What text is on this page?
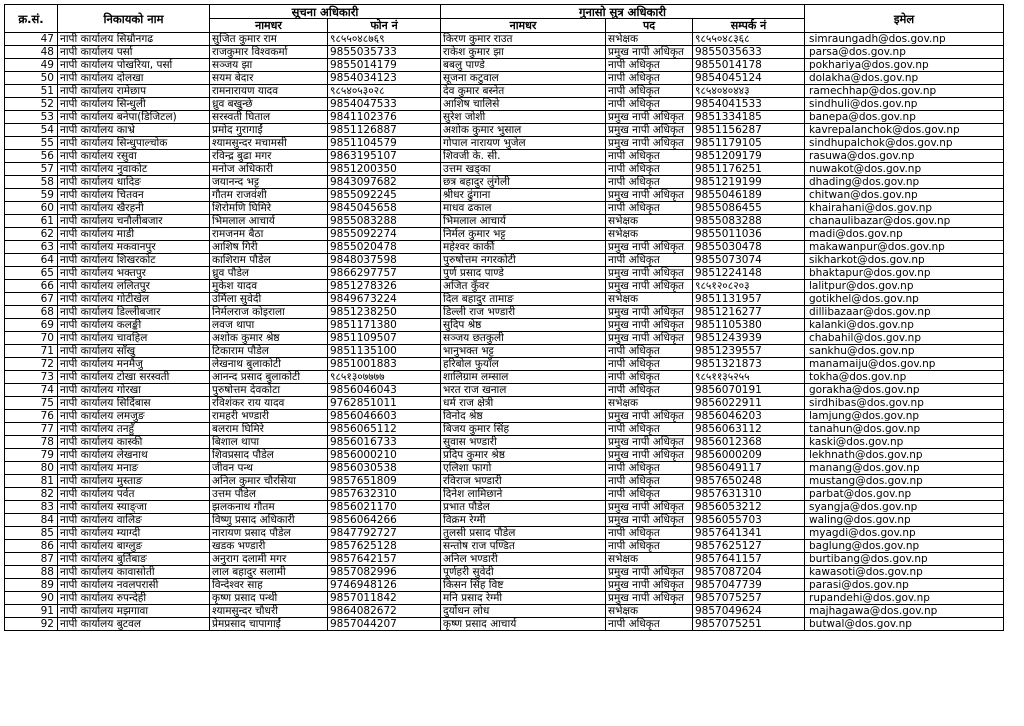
क्र.सं.	निकायको नाम	सूचना अधिकारी		गुनासो सुत्र अधिकारी			इमेल
		नामधर	फोन नं	नामधर	पद	सम्पर्क नं	
47	नापी कार्यालय सिम्रौनगढ	सुजित कुमार राम	९८५५०४८७६९	किरण कुमार राउत	सभेक्षक	९८५५०४८३६८	simraungadh@dos.gov.np
48	नापी कार्यालय पर्सा	राजकुमार विश्वकर्मा	9855035733	राकेश कुमार झा	प्रमुख नापी अधिकृत	9855035633	parsa@dos.gov.np
49	नापी कार्यालय पोखरिया, पर्सा	सञ्जय झा	9855014179	बबलु पाण्डे	नापी अधिकृत	9855014178	pokhariya@dos.gov.np
50	नापी कार्यालय दोलखा	सयम बेदार	9854034123	सूजना कटुवाल	नापी अधिकृत	9854045124	dolakha@dos.gov.np
51	नापी कार्यालय रामेछाप	रामनारायण यादव	९८५४०५३०२८	देव कुमार बस्नेत	नापी अधिकृत	९८५४०४०४४३	ramechhap@dos.gov.np
52	नापी कार्यालय सिन्धुली	ध्रुव बखुन्छे	9854047533	आशिष चालिसे	नापी अधिकृत	9854041533	sindhuli@dos.gov.np
53	नापी कार्यालय बनेपा(डिजिटल)	सरस्वती घिताल	9841102376	सुरेश जोशी	प्रमुख नापी अधिकृत	9851334185	banepa@dos.gov.np
54	नापी कार्यालय काभ्रे	प्रमोद गुरागाईं	9851126887	अशोक कुमार भुसाल	प्रमुख नापी अधिकृत	9851156287	kavrepalanchok@dos.gov.np
55	नापी कार्यालय सिन्धुपाल्चोक	श्यामसुन्दर मचामसी	9851104579	गोपाल नारायण भुजेल	प्रमुख नापी अधिकृत	9851179105	sindhupalchok@dos.gov.np
56	नापी कार्यालय रसुवा	रविन्द्र बुढा मगर	9863195107	शिवजी के. सी.	नापी अधिकृत	9851209179	rasuwa@dos.gov.np
57	नापी कार्यालय नुवाकोट	मनोज अधिकारी	9851200350	उत्तम खड्का	नापी अधिकृत	9851176251	nuwakot@dos.gov.np
58	नापी कार्यालय धादिङ	जयानन्द भट्ट	9843097682	छत्र बहादुर लुंगेली	नापी अधिकृत	9851219199	dhading@dos.gov.np
59	नापी कार्यालय चितवन	गौतम राजवंशी	9855092245	श्रीधर ढुंगाना	प्रमुख नापी अधिकृत	9855046189	chitwan@dos.gov.np
60	नापी कार्यालय खैरहनी	शिरोमणि घिमिरे	9845045658	माधव ढकाल	नापी अधिकृत	9855086455	khairahani@dos.gov.np
61	नापी कार्यालय चनौलीबजार	भिमलाल आचार्य	9855083288	भिमलाल आचार्य	सभेक्षक	9855083288	chanaulibazar@dos.gov.np
62	नापी कार्यालय माडी	रामजनम बैठा	9855092274	निर्मल कुमार भट्ट	सभेक्षक	9855011036	madi@dos.gov.np
63	नापी कार्यालय मकवानपुर	आशिष गिरी	9855020478	महेश्वर कार्की	प्रमुख नापी अधिकृत	9855030478	makawanpur@dos.gov.np
64	नापी कार्यालय शिखरकोट	काशिराम पौडेल	9848037598	पुरुषोत्तम नगरकोटी	नापी अधिकृत	9855073074	sikharkot@dos.gov.np
65	नापी कार्यालय भक्तपुर	ध्रुव पौडेल	9866297757	पुर्ण प्रसाद पाण्डे	प्रमुख नापी अधिकृत	9851224148	bhaktapur@dos.gov.np
66	नापी कार्यालय ललितपुर	मुकेश यादव	9851278326	अजित कुँवर	प्रमुख नापी अधिकृत	९८५१२०८२०३	lalitpur@dos.gov.np
67	नापी कार्यालय गोटीखेल	उर्मिला सुवेदी	9849673224	दिल बहादुर तामाङ	सभेक्षक	9851131957	gotikhel@dos.gov.np
68	नापी कार्यालय डिल्लीबजार	निर्मलराज कोइराला	9851238250	डिल्ली राज भण्डारी	प्रमुख नापी अधिकृत	9851216277	dillibazaar@dos.gov.np
69	नापी कार्यालय कलङ्की	लवज थापा	9851171380	सुदिप श्रेष्ठ	प्रमुख नापी अधिकृत	9851105380	kalanki@dos.gov.np
70	नापी कार्यालय चावहिल	अशोक कुमार श्रेष्ठ	9851109507	सञ्जय छतकुली	प्रमुख नापी अधिकृत	9851243939	chabahil@dos.gov.np
71	नापी कार्यालय साँखु	टिकाराम पौडेल	9851135100	भानुभक्त भट्ट	नापी अधिकृत	9851239557	sankhu@dos.gov.np
72	नापी कार्यालय मनमैजु	लेखनाथ बुलाकोटी	9851001883	हरिबोल फुयाँल	नापी अधिकृत	9851321873	manamaiju@dos.gov.np
73	नापी कार्यालय टोखा सरस्वती	आनन्द प्रसाद बुलाकोटी	९८५१३०७७७७	शालिग्राम लम्साल	नापी अधिकृत	९८५११३५२५५	tokha@dos.gov.np
74	नापी कार्यालय गोरखा	पुरुषोत्तम देवकोटा	9856046043	भरत राज खनाल	नापी अधिकृत	9856070191	gorakha@dos.gov.np
75	नापी कार्यालय सिर्दिबास	रविशंकर राय यादव	9762851011	धर्म राज क्षेत्री	सभेक्षक	9856022911	sirdhibas@dos.gov.np
76	नापी कार्यालय लमजुङ	रामहरी भण्डारी	9856046603	विनोद श्रेष्ठ	प्रमुख नापी अधिकृत	9856046203	lamjung@dos.gov.np
77	नापी कार्यालय तनहुँ	बलराम घिमिरे	9856065112	बिजय कुमार सिंह	नापी अधिकृत	9856063112	tanahun@dos.gov.np
78	नापी कार्यालय कास्की	बिशाल थापा	9856016733	सुवास भण्डारी	प्रमुख नापी अधिकृत	9856012368	kaski@dos.gov.np
79	नापी कार्यालय लेखनाथ	शिवप्रसाद पौडेल	9856000210	प्रदिप कुमार श्रेष्ठ	प्रमुख नापी अधिकृत	9856000209	lekhnath@dos.gov.np
80	नापी कार्यालय मनाङ	जीवन पन्थ	9856030538	एलिशा फागो	नापी अधिकृत	9856049117	manang@dos.gov.np
81	नापी कार्यालय मुस्ताङ	अनिल कुमार चौरसिया	9857651809	रविराज भण्डारी	नापी अधिकृत	9857650248	mustang@dos.gov.np
82	नापी कार्यालय पर्वत	उत्तम पौडेल	9857632310	दिनेश लामिछाने	नापी अधिकृत	9857631310	parbat@dos.gov.np
83	नापी कार्यालय स्याङ्जा	झलकनाथ गौतम	9856021170	प्रभात पौडेल	प्रमुख नापी अधिकृत	9856053212	syangja@dos.gov.np
84	नापी कार्यालय वालिङ	विष्णु प्रसाद अधिकारी	9856064266	विक्रम रेग्मी	प्रमुख नापी अधिकृत	9856055703	waling@dos.gov.np
85	नापी कार्यालय म्याग्दी	नारायण प्रसाद पौडेल	9847792727	तुलसी प्रसाद पौडेल	नापी अधिकृत	9857641341	myagdi@dos.gov.np
86	नापी कार्यालय बाग्लुङ	खडक भण्डारी	9857625128	सन्तोष राज पण्डित	नापी अधिकृत	9857625127	baglung@dos.gov.np
87	नापी कार्यालय बुर्तिबाङ	अनुराग दलामी मगर	9857642157	अनिल भण्डारी	सभेक्षक	9857641157	burtibang@dos.gov.np
88	नापी कार्यालय कावासोती	लाल बहादुर सलामी	9857082996	पूर्णहरी सुवेदी	प्रमुख नापी अधिकृत	9857087204	kawasoti@dos.gov.np
89	नापी कार्यालय नवलपरासी	विन्देश्वर साह	9746948126	किसन सिंह विष्ट	प्रमुख नापी अधिकृत	9857047739	parasi@dos.gov.np
90	नापी कार्यालय रुपन्देही	कृष्ण प्रसाद पन्थी	9857011842	मनि प्रसाद रेग्मी	प्रमुख नापी अधिकृत	9857075257	rupandehi@dos.gov.np
91	नापी कार्यालय मझगावा	श्यामसुन्दर चौधरी	9864082672	दुर्योधन लोध	सभेक्षक	9857049624	majhagawa@dos.gov.np
92	नापी कार्यालय बुटवल	प्रेमप्रसाद चापागाईं	9857044207	कृष्ण प्रसाद आचार्य	नापी अधिकृत	9857075251	butwal@dos.gov.np
